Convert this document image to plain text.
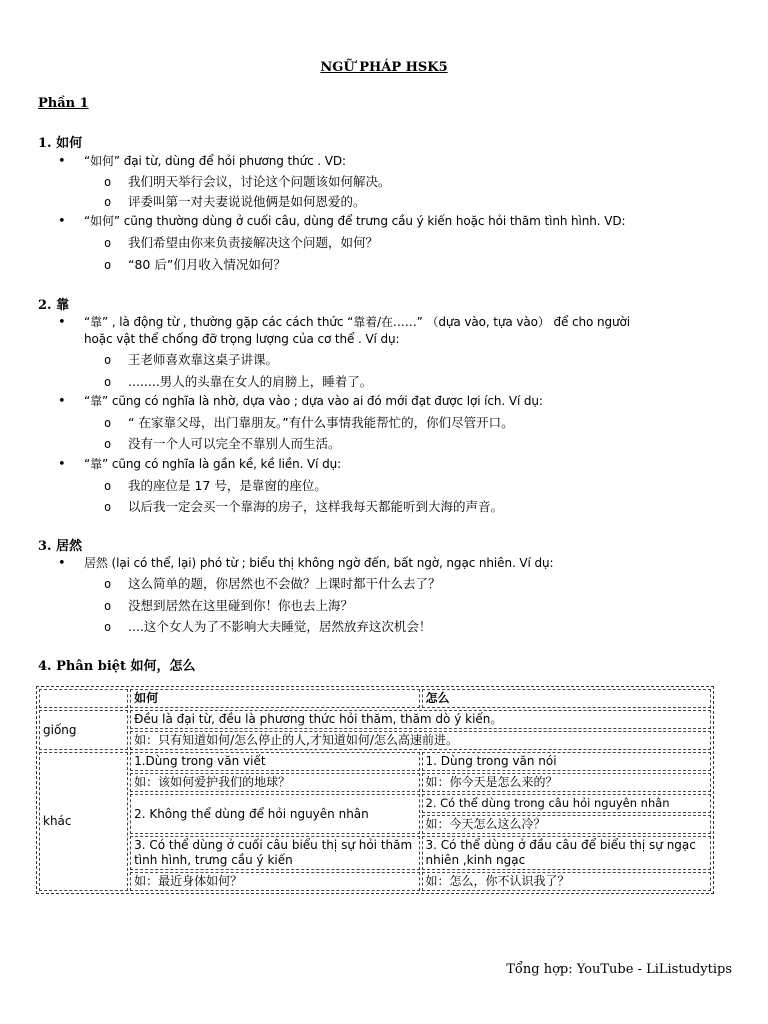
NGỮ PHÁP HSK5
Phần 1
1. 如何
• “如何” đại từ, dùng để hỏi phương thức . VD:
o 我们明天举行会议，讨论这个问题该如何解决。
o 评委叫第一对夫妻说说他俩是如何恩爱的。
• “如何” cũng thường dùng ở cuối câu, dùng để trưng cầu ý kiến hoặc hỏi thăm tình hình. VD:
o 我们希望由你来负责接解决这个问题，如何？
o “80 后”们月收入情况如何？
2. 靠
• “靠” , là động từ , thường gặp các cách thức “靠着/在……” （dựa vào, tựa vào） để cho người
hoặc vật thể chống đỡ trọng lượng của cơ thể . Ví dụ:
o 王老师喜欢靠这桌子讲课。
o ........男人的头靠在女人的肩膀上，睡着了。
• “靠” cũng có nghĩa là nhờ, dựa vào ; dựa vào ai đó mới đạt được lợi ích. Ví dụ:
o “ 在家靠父母，出门靠朋友。”有什么事情我能帮忙的，你们尽管开口。
o 没有一个人可以完全不靠别人而生活。
• “靠” cũng có nghĩa là gần kề, kề liền. Ví dụ:
o 我的座位是 17 号，是靠窗的座位。
o 以后我一定会买一个靠海的房子，这样我每天都能听到大海的声音。
3. 居然
• 居然 (lại có thể, lại) phó từ ; biểu thị không ngờ đến, bất ngờ, ngạc nhiên. Ví dụ:
o 这么简单的题，你居然也不会做？上课时都干什么去了？
o 没想到居然在这里碰到你！你也去上海？
o ....这个女人为了不影响大夫睡觉，居然放弃这次机会！
4. Phân biệt 如何，怎么
	如何	怎么
giống	Đều là đại từ, đều là phương thức hỏi thăm, thăm dò ý kiến。	
	如：只有知道如何/怎么停止的人,才知道如何/怎么高速前进。	
khác	1.Dùng trong văn viết	1. Dùng trong văn nói
	如：该如何爱护我们的地球？	如：你今天是怎么来的？
	2. Không thể dùng để hỏi nguyên nhân	2. Có thể dùng trong câu hỏi nguyên nhân
		如：今天怎么这么冷？
	3. Có thể dùng ở cuối câu biểu thị sự hỏi thăm tình hình, trưng cầu ý kiến	3. Có thể dùng ở đầu câu để biểu thị sự ngạc nhiên ,kinh ngạc
	如：最近身体如何？	如：怎么，你不认识我了？
Tổng hợp: YouTube - LiListudytips
